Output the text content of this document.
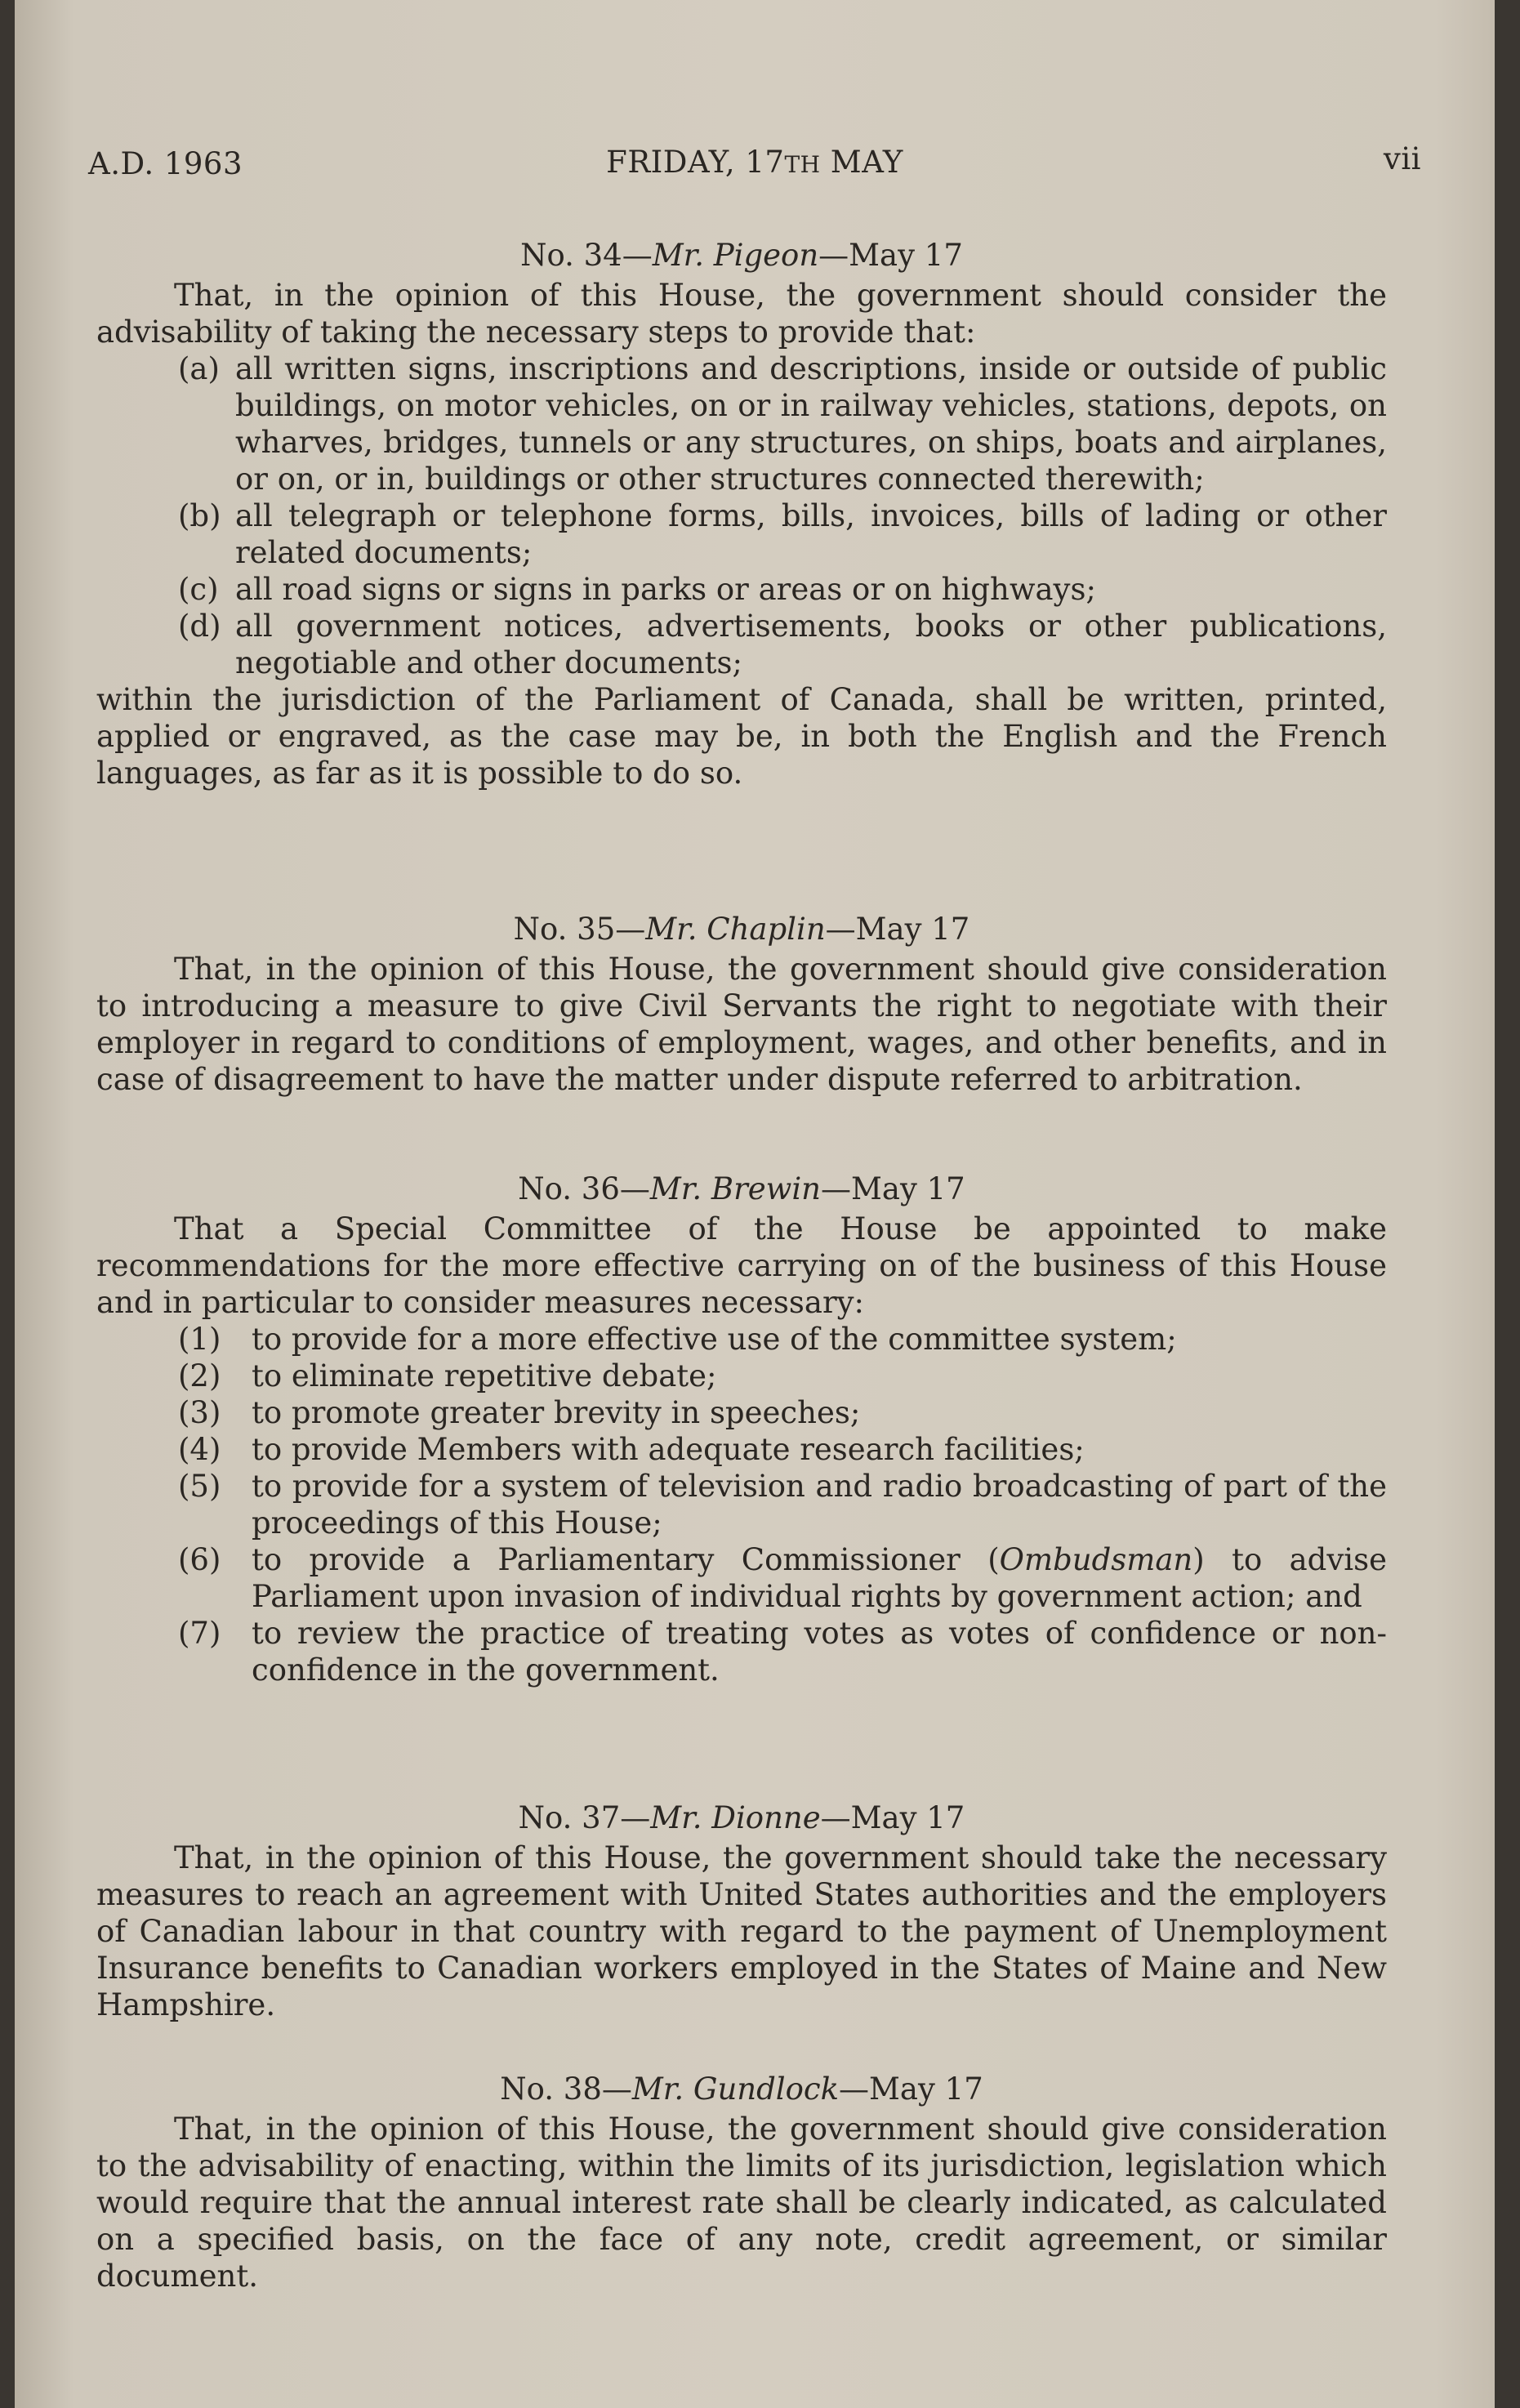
A.D. 1963	FRIDAY, 17TH MAY	vii
No. 34—Mr. Pigeon—May 17

That, in the opinion of this House, the government should consider the advisability of taking the necessary steps to provide that:

(a) all written signs, inscriptions and descriptions, inside or outside of public buildings, on motor vehicles, on or in railway vehicles, stations, depots, on wharves, bridges, tunnels or any structures, on ships, boats and airplanes, or on, or in, buildings or other structures connected therewith;
(b) all telegraph or telephone forms, bills, invoices, bills of lading or other related documents;
(c) all road signs or signs in parks or areas or on highways;
(d) all government notices, advertisements, books or other publications, negotiable and other documents;

within the jurisdiction of the Parliament of Canada, shall be written, printed, applied or engraved, as the case may be, in both the English and the French languages, as far as it is possible to do so.

No. 35—Mr. Chaplin—May 17

That, in the opinion of this House, the government should give consideration to introducing a measure to give Civil Servants the right to negotiate with their employer in regard to conditions of employment, wages, and other benefits, and in case of disagreement to have the matter under dispute referred to arbitration.

No. 36—Mr. Brewin—May 17

That a Special Committee of the House be appointed to make recommendations for the more effective carrying on of the business of this House and in particular to consider measures necessary:

(1) to provide for a more effective use of the committee system;
(2) to eliminate repetitive debate;
(3) to promote greater brevity in speeches;
(4) to provide Members with adequate research facilities;
(5) to provide for a system of television and radio broadcasting of part of the proceedings of this House;
(6) to provide a Parliamentary Commissioner (Ombudsman) to advise Parliament upon invasion of individual rights by government action; and
(7) to review the practice of treating votes as votes of confidence or non-confidence in the government.
No. 37—Mr. Dionne—May 17

That, in the opinion of this House, the government should take the necessary measures to reach an agreement with United States authorities and the employers of Canadian labour in that country with regard to the payment of Unemployment Insurance benefits to Canadian workers employed in the States of Maine and New Hampshire.

No. 38—Mr. Gundlock—May 17

That, in the opinion of this House, the government should give consideration to the advisability of enacting, within the limits of its jurisdiction, legislation which would require that the annual interest rate shall be clearly indicated, as calculated on a specified basis, on the face of any note, credit agreement, or similar document.
